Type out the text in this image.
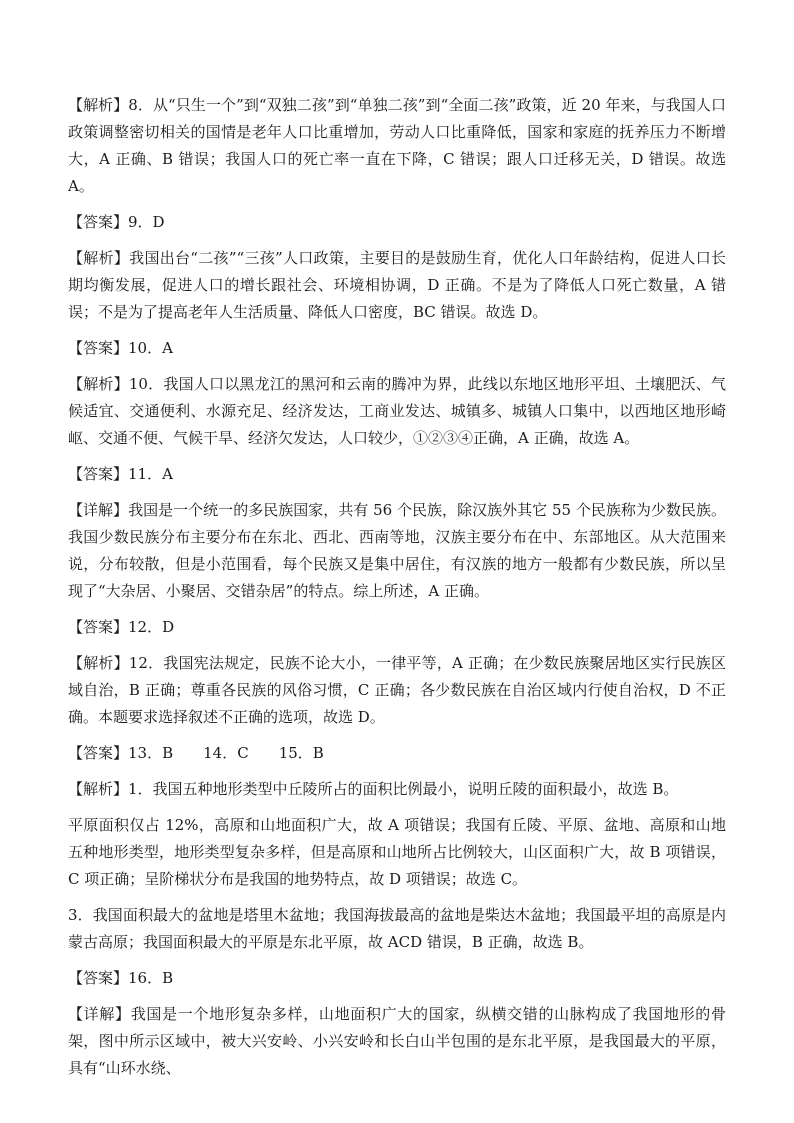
【解析】8．从“只生一个”到“双独二孩”到“单独二孩”到“全面二孩”政策，近 20 年来，与我国人口政策调整密切相关的国情是老年人口比重增加，劳动人口比重降低，国家和家庭的抚养压力不断增大，A 正确、B 错误；我国人口的死亡率一直在下降，C 错误；跟人口迁移无关，D 错误。故选 A。

【答案】9．D

【解析】我国出台“二孩”“三孩”人口政策，主要目的是鼓励生育，优化人口年龄结构，促进人口长期均衡发展，促进人口的增长跟社会、环境相协调，D 正确。不是为了降低人口死亡数量，A 错误；不是为了提高老年人生活质量、降低人口密度，BC 错误。故选 D。

【答案】10．A

【解析】10．我国人口以黑龙江的黑河和云南的腾冲为界，此线以东地区地形平坦、土壤肥沃、气候适宜、交通便利、水源充足、经济发达，工商业发达、城镇多、城镇人口集中，以西地区地形崎岖、交通不便、气候干旱、经济欠发达，人口较少，①②③④正确，A 正确，故选 A。

【答案】11．A

【详解】我国是一个统一的多民族国家，共有 56 个民族，除汉族外其它 55 个民族称为少数民族。我国少数民族分布主要分布在东北、西北、西南等地，汉族主要分布在中、东部地区。从大范围来说，分布较散，但是小范围看，每个民族又是集中居住，有汉族的地方一般都有少数民族，所以呈现了“大杂居、小聚居、交错杂居”的特点。综上所述，A 正确。

【答案】12．D

【解析】12．我国宪法规定，民族不论大小，一律平等，A 正确；在少数民族聚居地区实行民族区域自治，B 正确；尊重各民族的风俗习惯，C 正确；各少数民族在自治区域内行使自治权，D 不正确。本题要求选择叙述不正确的选项，故选 D。

【答案】13．B　　14．C　　15．B

【解析】1．我国五种地形类型中丘陵所占的面积比例最小，说明丘陵的面积最小，故选 B。

平原面积仅占 12%，高原和山地面积广大，故 A 项错误；我国有丘陵、平原、盆地、高原和山地五种地形类型，地形类型复杂多样，但是高原和山地所占比例较大，山区面积广大，故 B 项错误，C 项正确；呈阶梯状分布是我国的地势特点，故 D 项错误；故选 C。

3．我国面积最大的盆地是塔里木盆地；我国海拔最高的盆地是柴达木盆地；我国最平坦的高原是内蒙古高原；我国面积最大的平原是东北平原，故 ACD 错误，B 正确，故选 B。

【答案】16．B

【详解】我国是一个地形复杂多样，山地面积广大的国家，纵横交错的山脉构成了我国地形的骨架，图中所示区域中，被大兴安岭、小兴安岭和长白山半包围的是东北平原，是我国最大的平原，具有“山环水绕、
